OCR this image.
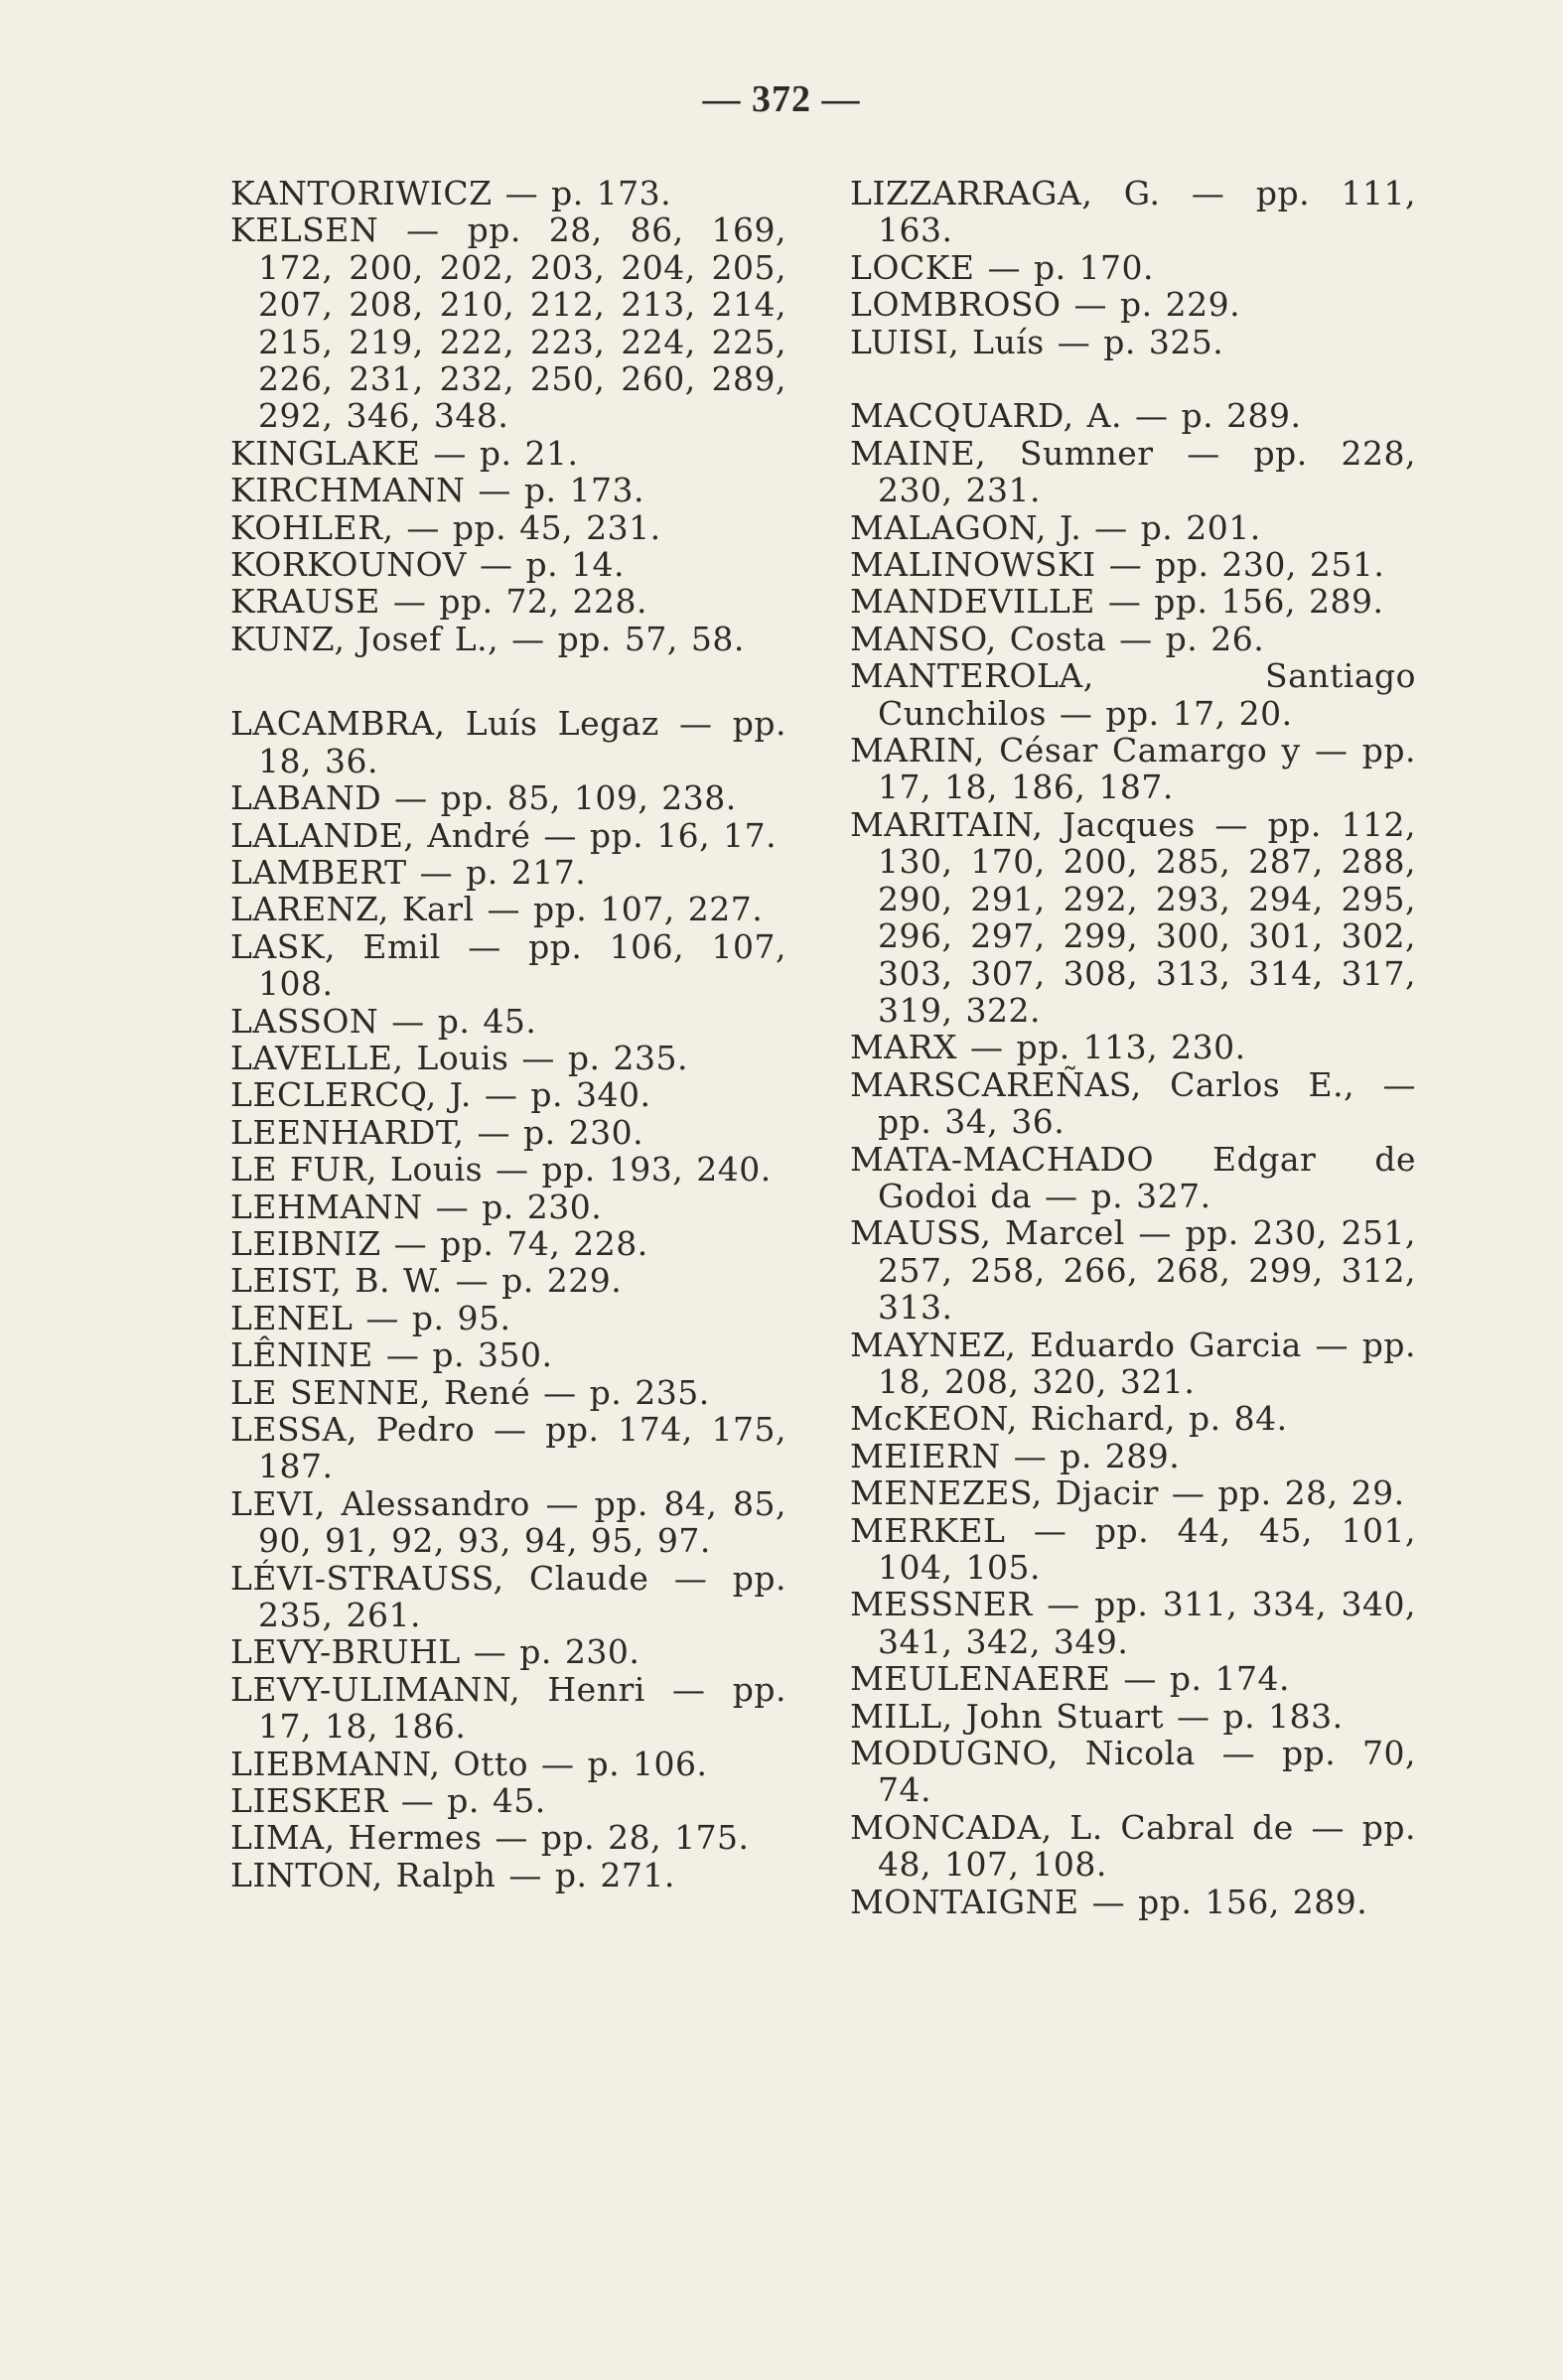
— 372 —
KANTORIWICZ — p. 173.
KELSEN — pp. 28, 86, 169, 172, 200, 202, 203, 204, 205, 207, 208, 210, 212, 213, 214, 215, 219, 222, 223, 224, 225, 226, 231, 232, 250, 260, 289, 292, 346, 348.
KINGLAKE — p. 21.
KIRCHMANN — p. 173.
KOHLER, — pp. 45, 231.
KORKOUNOV — p. 14.
KRAUSE — pp. 72, 228.
KUNZ, Josef L., — pp. 57, 58.
LACAMBRA, Luís Legaz — pp. 18, 36.
LABAND — pp. 85, 109, 238.
LALANDE, André — pp. 16, 17.
LAMBERT — p. 217.
LARENZ, Karl — pp. 107, 227.
LASK, Emil — pp. 106, 107, 108.
LASSON — p. 45.
LAVELLE, Louis — p. 235.
LECLERCQ, J. — p. 340.
LEENHARDT, — p. 230.
LE FUR, Louis — pp. 193, 240.
LEHMANN — p. 230.
LEIBNIZ — pp. 74, 228.
LEIST, B. W. — p. 229.
LENEL — p. 95.
LÊNINE — p. 350.
LE SENNE, René — p. 235.
LESSA, Pedro — pp. 174, 175, 187.
LEVI, Alessandro — pp. 84, 85, 90, 91, 92, 93, 94, 95, 97.
LÉVI-STRAUSS, Claude — pp. 235, 261.
LEVY-BRUHL — p. 230.
LEVY-ULIMANN, Henri — pp. 17, 18, 186.
LIEBMANN, Otto — p. 106.
LIESKER — p. 45.
LIMA, Hermes — pp. 28, 175.
LINTON, Ralph — p. 271.
LIZZARRAGA, G. — pp. 111, 163.
LOCKE — p. 170.
LOMBROSO — p. 229.
LUISI, Luís — p. 325.
MACQUARD, A. — p. 289.
MAINE, Sumner — pp. 228, 230, 231.
MALAGON, J. — p. 201.
MALINOWSKI — pp. 230, 251.
MANDEVILLE — pp. 156, 289.
MANSO, Costa — p. 26.
MANTEROLA, Santiago Cunchilos — pp. 17, 20.
MARIN, César Camargo y — pp. 17, 18, 186, 187.
MARITAIN, Jacques — pp. 112, 130, 170, 200, 285, 287, 288, 290, 291, 292, 293, 294, 295, 296, 297, 299, 300, 301, 302, 303, 307, 308, 313, 314, 317, 319, 322.
MARX — pp. 113, 230.
MARSCAREÑAS, Carlos E., — pp. 34, 36.
MATA-MACHADO Edgar de Godoi da — p. 327.
MAUSS, Marcel — pp. 230, 251, 257, 258, 266, 268, 299, 312, 313.
MAYNEZ, Eduardo Garcia — pp. 18, 208, 320, 321.
McKEON, Richard, p. 84.
MEIERN — p. 289.
MENEZES, Djacir — pp. 28, 29.
MERKEL — pp. 44, 45, 101, 104, 105.
MESSNER — pp. 311, 334, 340, 341, 342, 349.
MEULENAERE — p. 174.
MILL, John Stuart — p. 183.
MODUGNO, Nicola — pp. 70, 74.
MONCADA, L. Cabral de — pp. 48, 107, 108.
MONTAIGNE — pp. 156, 289.
